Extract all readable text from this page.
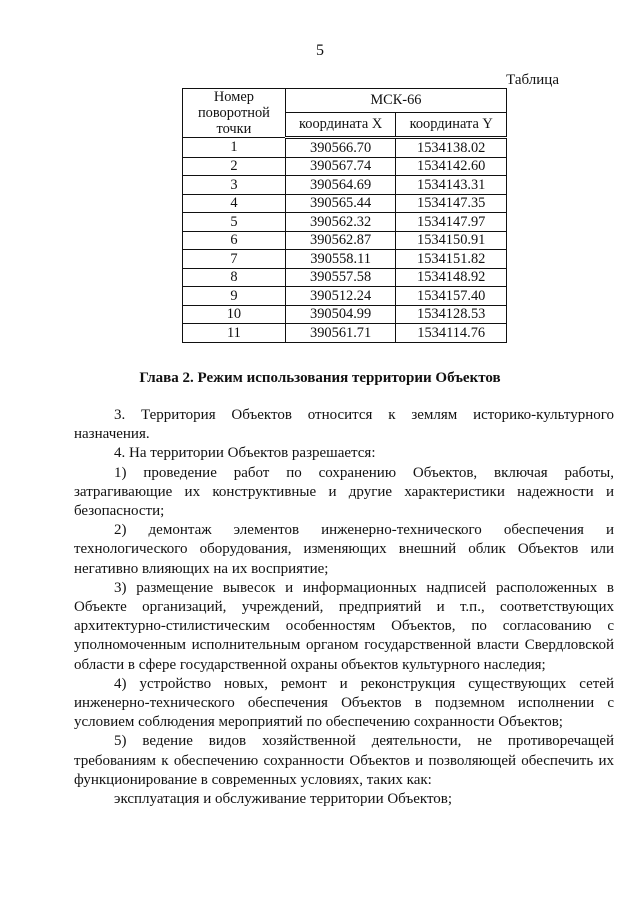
5
Таблица
Номер поворотной точки	МСК-66	
	координата X	координата Y
1	390566.70	1534138.02
2	390567.74	1534142.60
3	390564.69	1534143.31
4	390565.44	1534147.35
5	390562.32	1534147.97
6	390562.87	1534150.91
7	390558.11	1534151.82
8	390557.58	1534148.92
9	390512.24	1534157.40
10	390504.99	1534128.53
11	390561.71	1534114.76
Глава 2. Режим использования территории Объектов

3. Территория Объектов относится к землям историко-культурного назначения.

4. На территории Объектов разрешается:

1) проведение работ по сохранению Объектов, включая работы, затрагивающие их конструктивные и другие характеристики надежности и безопасности;

2) демонтаж элементов инженерно-технического обеспечения и технологического оборудования, изменяющих внешний облик Объектов или негативно влияющих на их восприятие;

3) размещение вывесок и информационных надписей расположенных в Объекте организаций, учреждений, предприятий и т.п., соответствующих архитектурно-стилистическим особенностям Объектов, по согласованию с уполномоченным исполнительным органом государственной власти Свердловской области в сфере государственной охраны объектов культурного наследия;

4) устройство новых, ремонт и реконструкция существующих сетей инженерно-технического обеспечения Объектов в подземном исполнении с условием соблюдения мероприятий по обеспечению сохранности Объектов;

5) ведение видов хозяйственной деятельности, не противоречащей требованиям к обеспечению сохранности Объектов и позволяющей обеспечить их функционирование в современных условиях, таких как:

эксплуатация и обслуживание территории Объектов;
